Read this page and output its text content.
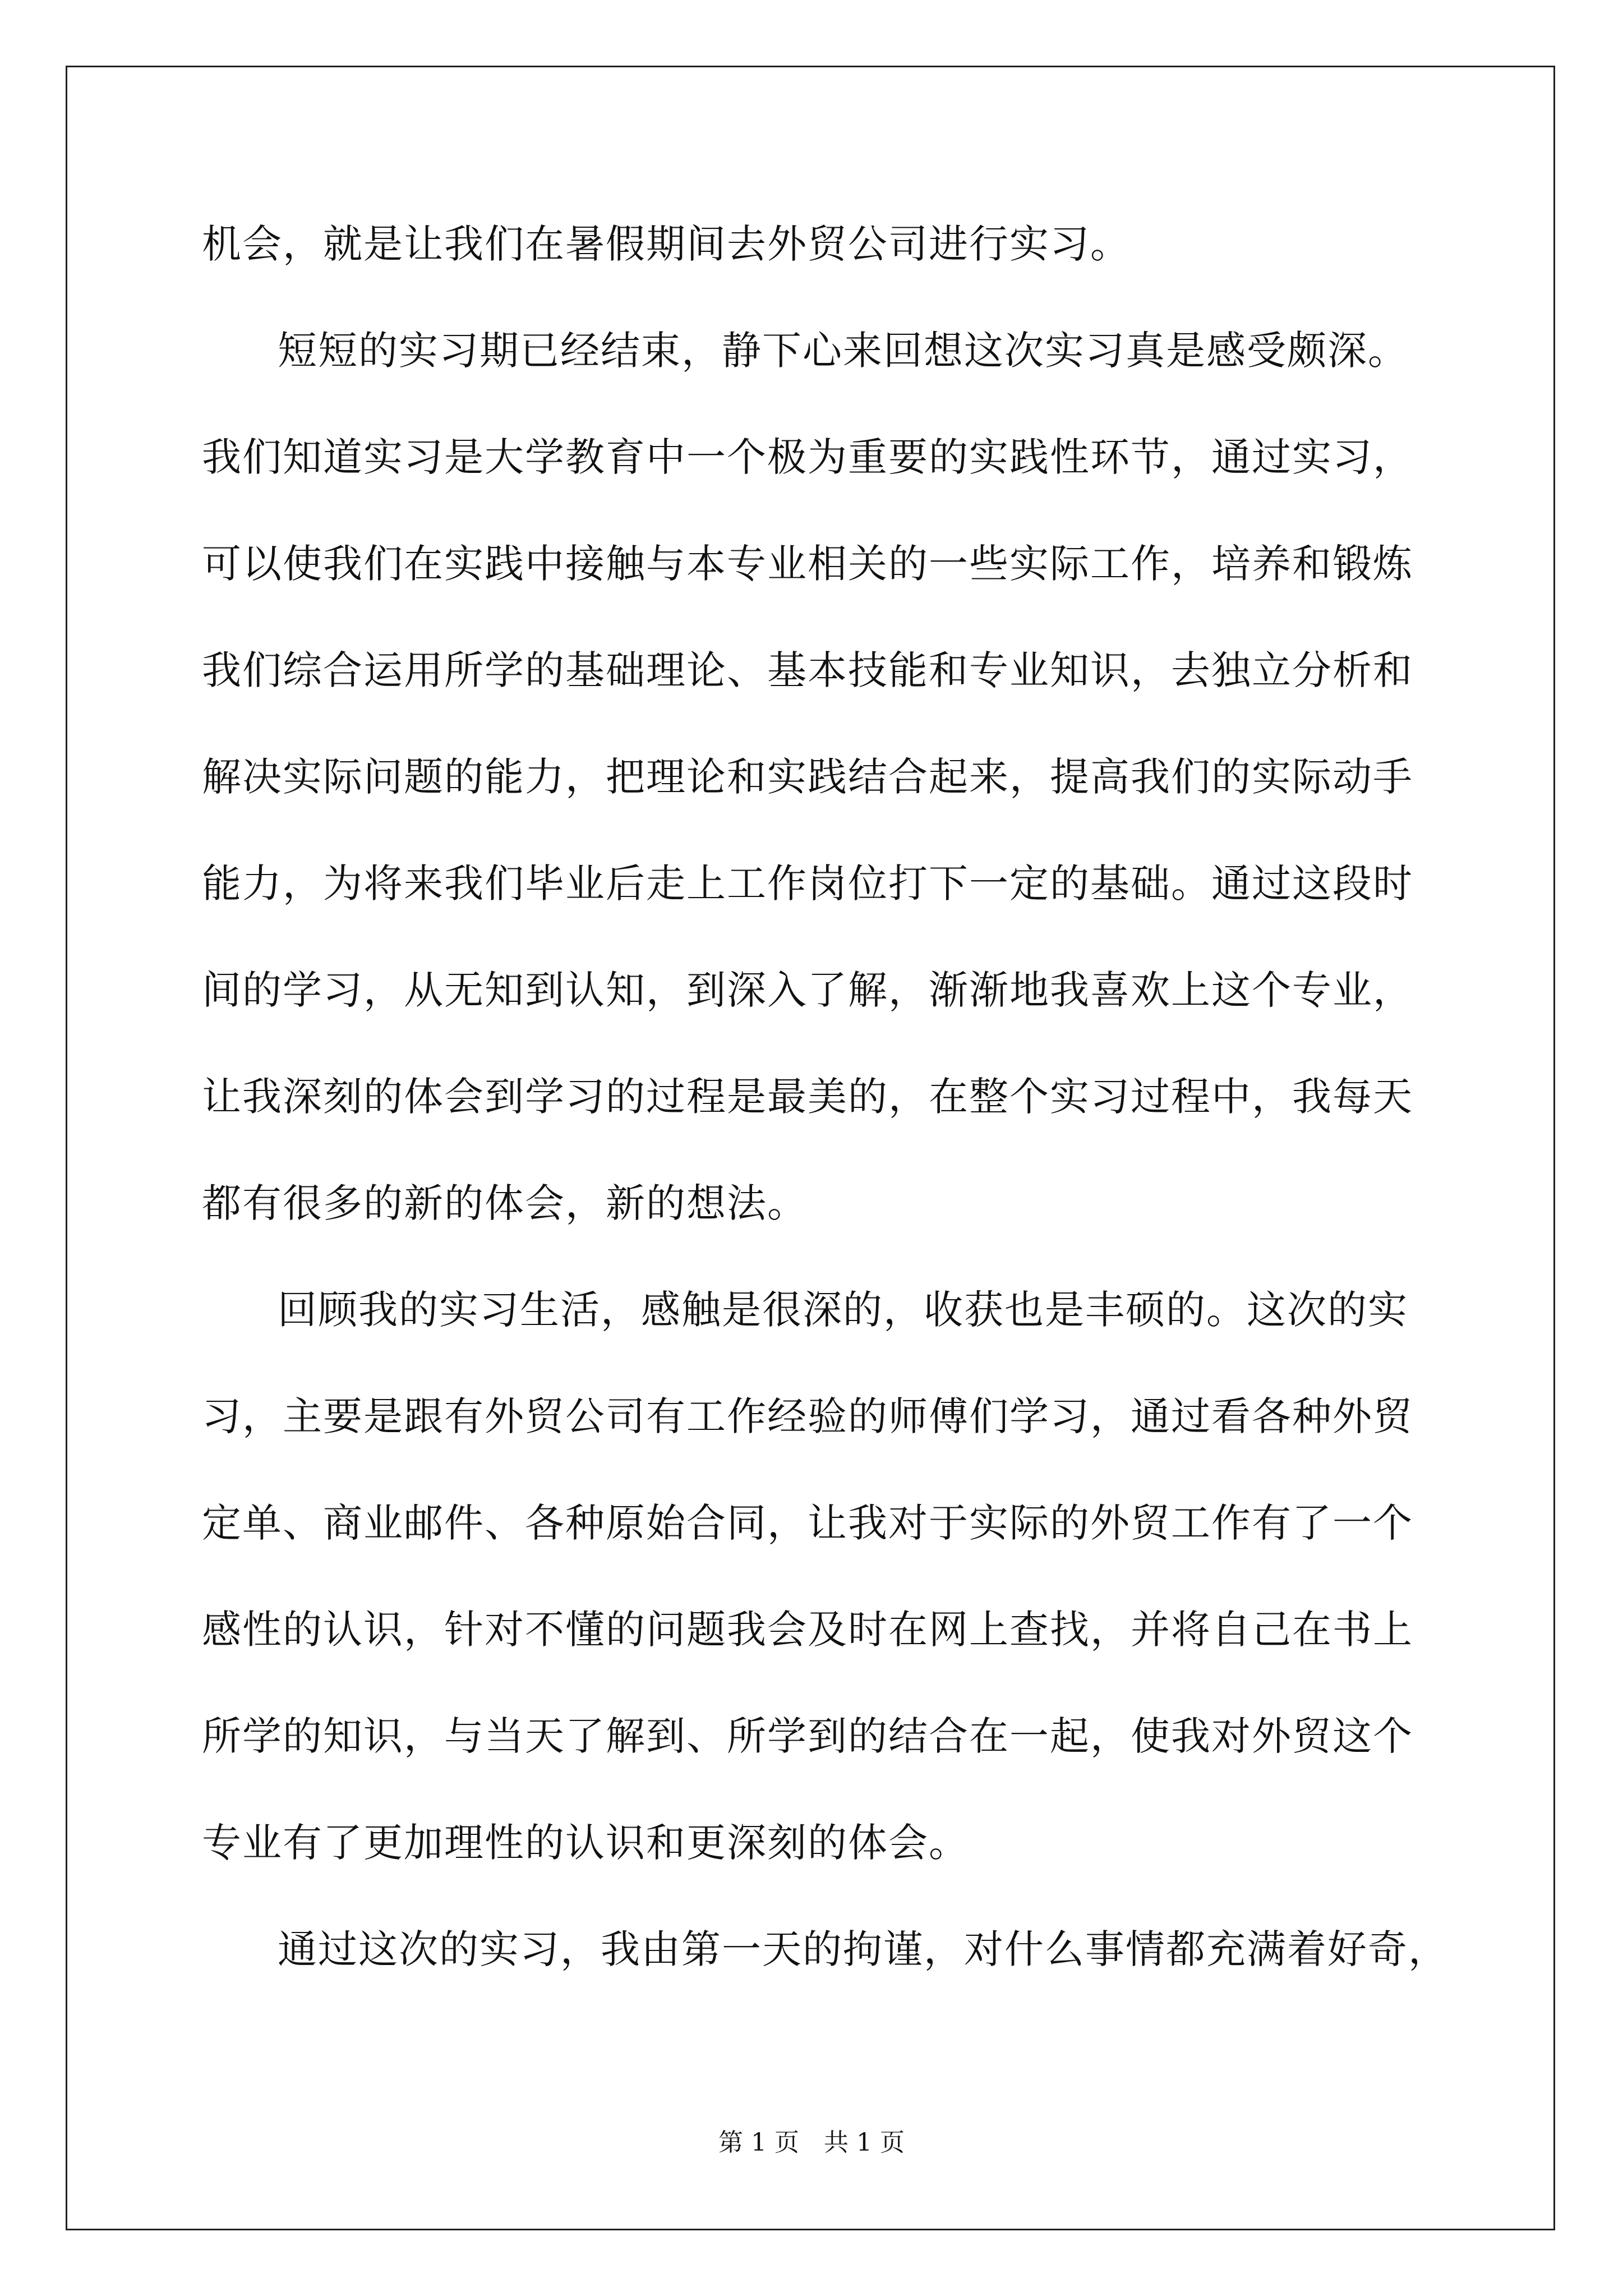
机会，就是让我们在暑假期间去外贸公司进行实习。
短短的实习期已经结束，静下心来回想这次实习真是感受颇深。
我们知道实习是大学教育中一个极为重要的实践性环节，通过实习，
可以使我们在实践中接触与本专业相关的一些实际工作，培养和锻炼
我们综合运用所学的基础理论、基本技能和专业知识，去独立分析和
解决实际问题的能力，把理论和实践结合起来，提高我们的实际动手
能力，为将来我们毕业后走上工作岗位打下一定的基础。通过这段时
间的学习，从无知到认知，到深入了解，渐渐地我喜欢上这个专业，
让我深刻的体会到学习的过程是最美的，在整个实习过程中，我每天
都有很多的新的体会，新的想法。
回顾我的实习生活，感触是很深的，收获也是丰硕的。这次的实
习，主要是跟有外贸公司有工作经验的师傅们学习，通过看各种外贸
定单、商业邮件、各种原始合同，让我对于实际的外贸工作有了一个
感性的认识，针对不懂的问题我会及时在网上查找，并将自己在书上
所学的知识，与当天了解到、所学到的结合在一起，使我对外贸这个
专业有了更加理性的认识和更深刻的体会。
通过这次的实习，我由第一天的拘谨，对什么事情都充满着好奇，
第 1 页　共 1 页
